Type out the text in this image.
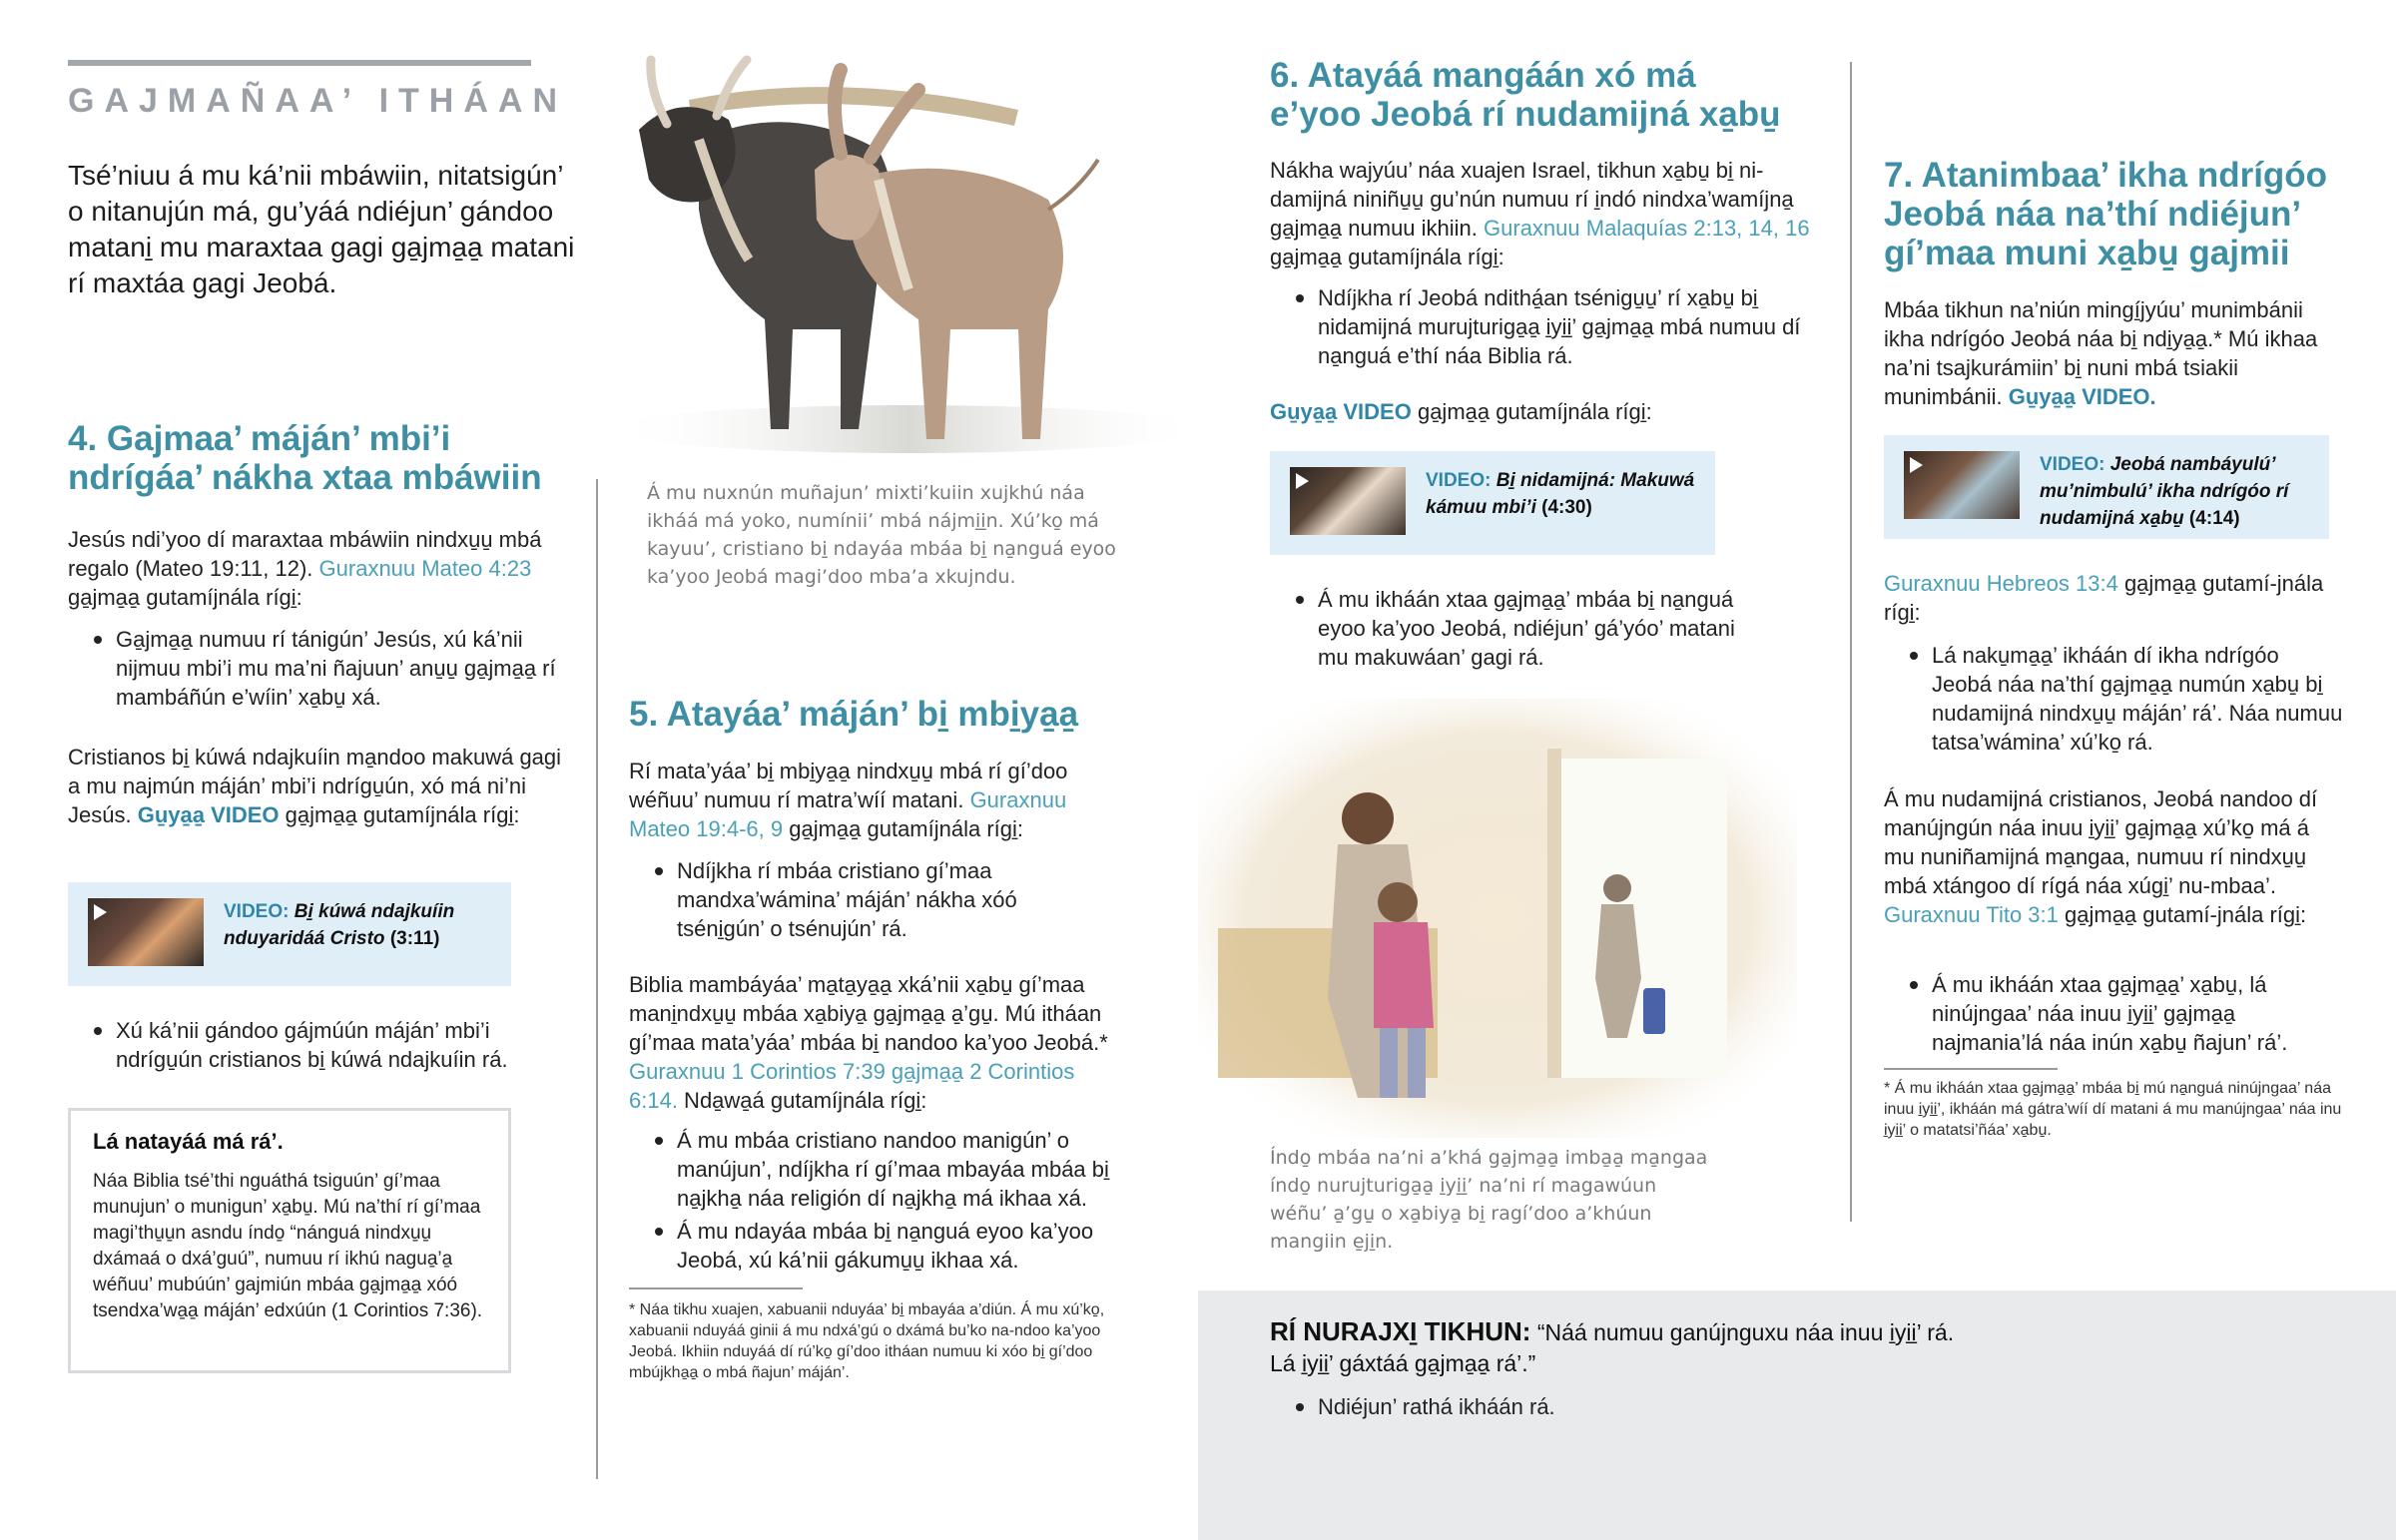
GAJMAÑAA’ ITHÁAN
Tsé’niuu á mu ká’nii mbáwiin, nitatsigún’ o nitanujún má, gu’yáá ndiéjun’ gándoo matani̱ mu maraxtaa gagi ga̱jma̱a̱ matani rí maxtáa gagi Jeobá.
4. Gajmaa’ máján’ mbi’i ndrígáa’ nákha xtaa mbáwiin

Jesús ndi’yoo dí maraxtaa mbáwiin nindxu̱u̱ mbá regalo (Mateo 19:11, 12). Guraxnuu Mateo 4:23 ga̱jma̱a̱ gutamíjnála rígi̱:

Ga̱jma̱a̱ numuu rí tánigún’ Jesús, xú ká’nii nijmuu mbi’i mu ma’ni ñajuun’ anu̱u̱ ga̱jma̱a̱ rí mambáñún e’wíin’ xa̱bu̱ xá.

Cristianos bi̱ kúwá ndajkuíin ma̱ndoo makuwá gagi a mu najmún máján’ mbi’i ndrígu̱ún, xó má ni’ni Jesús. Gu̱ya̱a̱ VIDEO ga̱jma̱a̱ gutamíjnála rígi̱:

VIDEO: Bi̱ kúwá ndajkuíin nduyaridáá Cristo (3:11)
Xú ká’nii gándoo gájmúún máján’ mbi’i ndrígu̱ún cristianos bi̱ kúwá ndajkuíin rá.
Lá natayáá má rá’.
Náa Biblia tsé’thi nguáthá tsiguún’ gí’maa munujun’ o munigun’ xa̱bu̱. Mú na’thí rí gí’maa magi’thu̱u̱n asndu índo̱ “nánguá nindxu̱u̱ dxámaá o dxá’guú”, numuu rí ikhú nagua̱’a̱ wéñuu’ mubúún’ gajmiún mbáa ga̱jma̱a̱ xóó tsendxa’wa̱a̱ máján’ edxúún (1 Corintios 7:36).
Á mu nuxnún muñajun’ mixti’kuiin xujkhú náa ikháá má yoko, numíniiʼ mbá nájmi̱i̱n. Xú’ko̱ má kayuu’, cristiano bi̱ ndayáa mbáa bi̱ na̱nguá eyoo ka’yoo Jeobá magi’doo mba’a xkujndu.
5. Atayáa’ máján’ bi̱ mbi̱ya̱a̱

Rí mata’yáa’ bi̱ mbi̱ya̱a̱ nindxu̱u̱ mbá rí gí’doo wéñuu’ numuu rí matra’wíí matani. Guraxnuu Mateo 19:4-6, 9 ga̱jma̱a̱ gutamíjnála rígi̱:

Ndíjkha rí mbáa cristiano gí’maa mandxa’wámina’ máján’ nákha xóó tséni̱gún’ o tsénujún’ rá.

Biblia mambáyáa’ ma̱ta̱ya̱a̱ xká’nii xa̱bu̱ gí’maa mani̱ndxu̱u̱ mbáa xa̱biya̱ ga̱jma̱a̱ a̱’gu̱. Mú itháan gí’maa mata’yáa’ mbáa bi̱ nandoo ka’yoo Jeobá.* Guraxnuu 1 Corintios 7:39 ga̱jma̱a̱ 2 Corintios 6:14. Nda̱wa̱á gutamíjnála rígi̱:

Á mu mbáa cristiano nandoo manigún’ o manújun’, ndíjkha rí gí’maa mbayáa mbáa bi̱ na̱jkha̱ náa religión dí na̱jkha̱ má ikhaa xá.
Á mu ndayáa mbáa bi̱ na̱nguá eyoo ka’yoo Jeobá, xú ká’nii gákumu̱u̱ ikhaa xá.
* Náa tikhu xuajen, xabuanii nduyáa’ bi̱ mbayáa a’diún. Á mu xú’ko̱, xabuanii nduyáá ginii á mu ndxá’gú o dxámá bu’ko na-ndoo ka’yoo Jeobá. Ikhiin nduyáá dí rú’ko̱ gí’doo itháan numuu ki xóo bi̱ gí’doo mbújkha̱a̱ o mbá ñajun’ máján’.
6. Atayáá mangáán xó má e’yoo Jeobá rí nudamijná xa̱bu̱

Nákha wajyúu’ náa xuajen Israel, tikhun xa̱bu̱ bi̱ ni-damijná niniñu̱u̱ gu’nún numuu rí i̱ndó nindxa’wamíjna̱ ga̱jma̱a̱ numuu ikhiin. Guraxnuu Malaquías 2:13, 14, 16 ga̱jma̱a̱ gutamíjnála rígi̱:

Ndíjkha rí Jeobá ndithá̱an tsénigu̱u̱’ rí xa̱bu̱ bi̱ nidamijná murujturiga̱a̱ i̱yi̱i̱’ ga̱jma̱a̱ mbá numuu dí na̱nguá e’thí náa Biblia rá.

Gu̱ya̱a̱ VIDEO ga̱jma̱a̱ gutamíjnála rígi̱:

VIDEO: Bi̱ nidamijná: Makuwá kámuu mbi’i (4:30)
Á mu ikháán xtaa ga̱jma̱a̱’ mbáa bi̱ na̱nguá eyoo ka’yoo Jeobá, ndiéjun’ gá’yóo’ matani mu makuwáan’ gagi rá.
Índo̱ mbáa na’ni a’khá ga̱jma̱a̱ imba̱a̱ ma̱ngaa índo̱ nurujturiga̱a̱ i̱yi̱i̱’ na’ni rí magawúun wéñu’ a̱’gu̱ o xa̱biya̱ bi̱ ragí’doo a’khúun mangiin e̱ji̱n.
7. Atanimbaa’ ikha ndrígóo Jeobá náa na’thí ndiéjun’ gí’maa muni xa̱bu̱ gajmii

Mbáa tikhun na’niún mingí̱jyúu’ munimbánii ikha ndrígóo Jeobá náa bi̱ ndi̱ya̱a̱.* Mú ikhaa na’ni tsajkurámiin’ bi̱ nuni mbá tsiakii munimbánii. Gu̱ya̱a̱ VIDEO.

VIDEO: Jeobá nambáyulú’ mu’nimbulú’ ikha ndrígóo rí nudamijná xa̱bu̱ (4:14)

Guraxnuu Hebreos 13:4 ga̱jma̱a̱ gutamí-jnála rígi̱:

Lá naku̱ma̱a̱’ ikháán dí ikha ndrígóo Jeobá náa na’thí ga̱jma̱a̱ numún xa̱bu̱ bi̱ nudamijná nindxu̱u̱ máján’ rá’. Náa numuu tatsa’wámina’ xú’ko̱ rá.

Á mu nudamijná cristianos, Jeobá nandoo dí manújngún náa inuu i̱yi̱i̱’ ga̱jma̱a̱ xú’ko̱ má á mu nuniñamijná ma̱ngaa, numuu rí nindxu̱u̱ mbá xtángoo dí rígá náa xúgi̱’ nu-mbaa’. Guraxnuu Tito 3:1 ga̱jma̱a̱ gutamí-jnála rígi̱:

Á mu ikháán xtaa ga̱jma̱a̱’ xa̱bu̱, lá ninújngaa’ náa inuu i̱yi̱i̱’ ga̱jma̱a̱ najmania’lá náa inún xa̱bu̱ ñajun’ rá’.
* Á mu ikháán xtaa ga̱jma̱a̱’ mbáa bi̱ mú na̱nguá ninújngaa’ náa inuu i̱yi̱i̱’, ikháán má gátra’wíí dí matani á mu manújngaa’ náa inu i̱yi̱i̱’ o matatsi’ñáa’ xa̱bu̱.
RÍ NURAJXI̱ TIKHUN: “Náá numuu ganújnguxu náa inuu i̱yi̱i̱’ rá.
Lá i̱yi̱i̱’ gáxtáá ga̱jma̱a̱ rá’.”
Ndiéjun’ rathá ikháán rá.
